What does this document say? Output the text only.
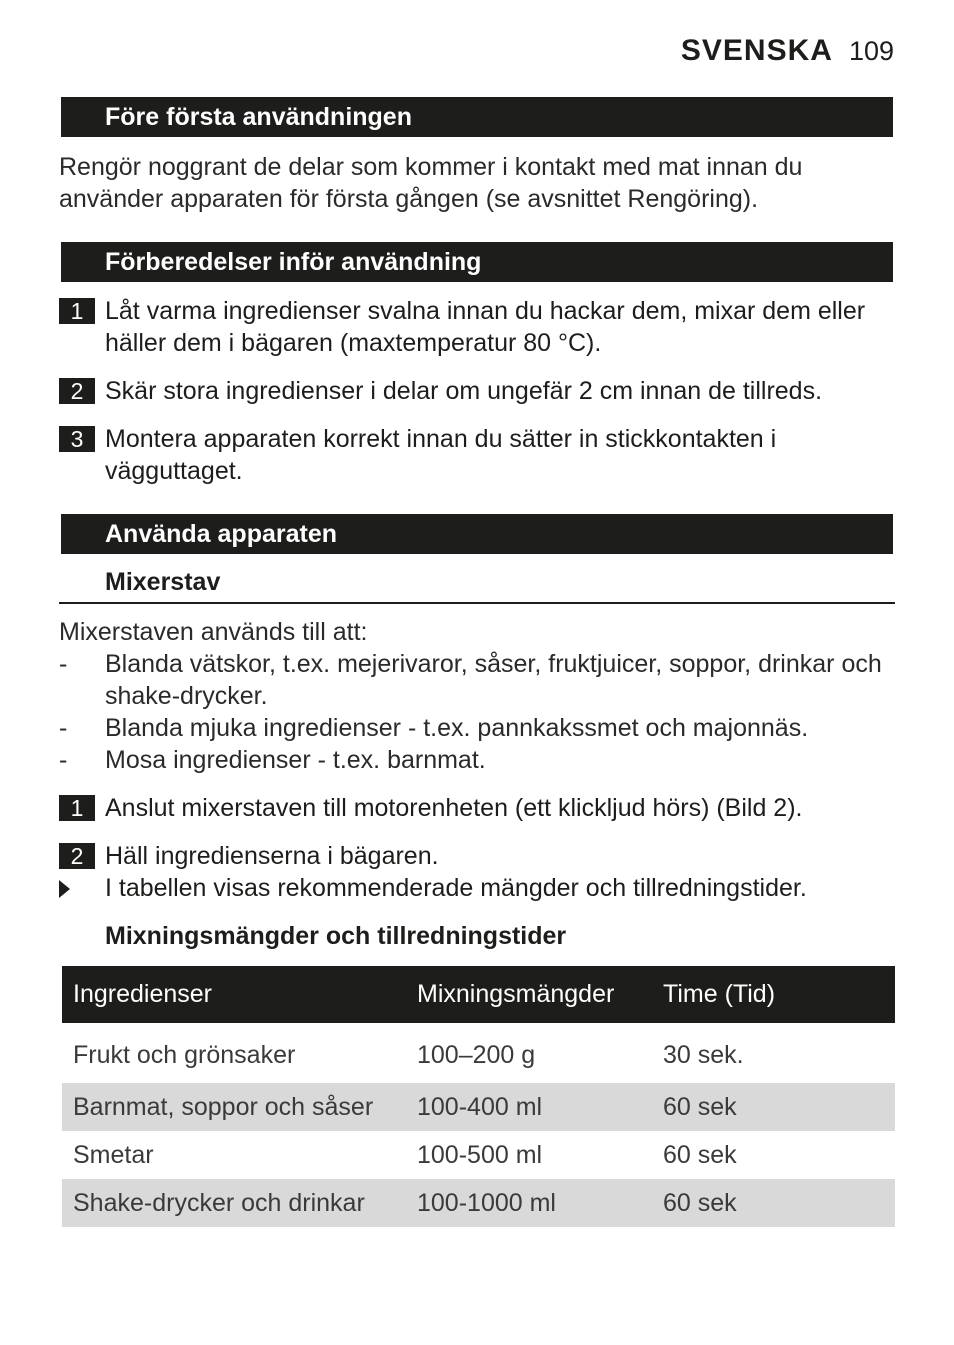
SVENSKA 109
Före första användningen
Rengör noggrant de delar som kommer i kontakt med mat innan du använder apparaten för första gången (se avsnittet Rengöring).
Förberedelser inför användning
1 Låt varma ingredienser svalna innan du hackar dem, mixar dem eller häller dem i bägaren (maxtemperatur 80 °C).
2 Skär stora ingredienser i delar om ungefär 2 cm innan de tillreds.
3 Montera apparaten korrekt innan du sätter in stickkontakten i vägguttaget.
Använda apparaten
Mixerstav
Mixerstaven används till att:
- Blanda vätskor, t.ex. mejerivaror, såser, fruktjuicer, soppor, drinkar och shake-drycker.
- Blanda mjuka ingredienser - t.ex. pannkakssmet och majonnäs.
- Mosa ingredienser - t.ex. barnmat.
1 Anslut mixerstaven till motorenheten (ett klickljud hörs) (Bild 2).
2 Häll ingredienserna i bägaren.
I tabellen visas rekommenderade mängder och tillredningstider.
Mixningsmängder och tillredningstider
Ingredienser	Mixningsmängder	Time (Tid)
Frukt och grönsaker	100–200 g	30 sek.
Barnmat, soppor och såser	100-400 ml	60 sek
Smetar	100-500 ml	60 sek
Shake-drycker och drinkar	100-1000 ml	60 sek
